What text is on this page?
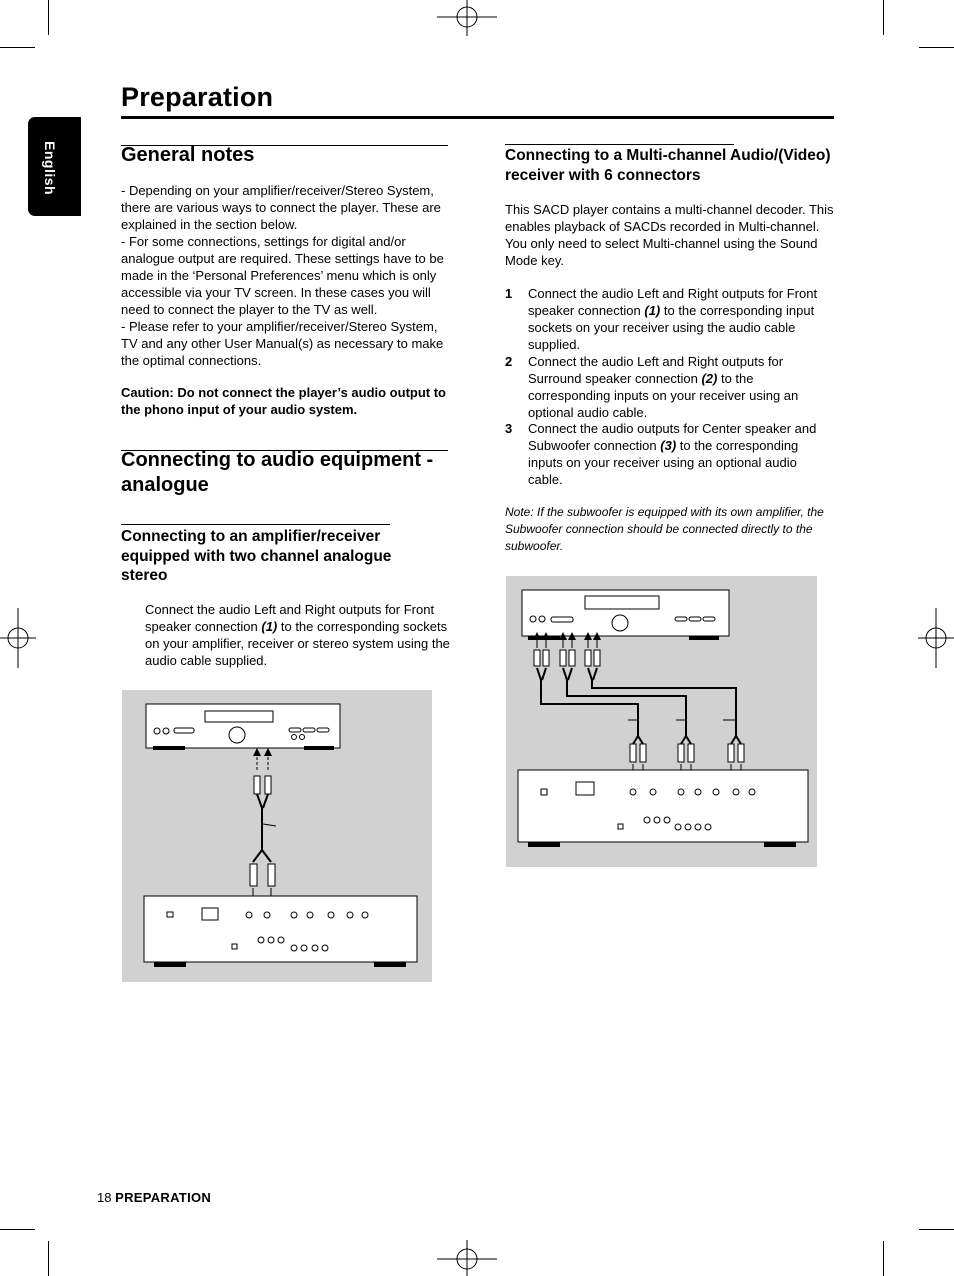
Preparation
English	General notes
- Depending on your amplifier/receiver/Stereo System, there are various ways to connect the player. These are explained in the section below.
- For some connections, settings for digital and/or analogue output are required. These settings have to be made in the ‘Personal Preferences’ menu which is only accessible via your TV screen. In these cases you will need to connect the player to the TV as well.
- Please refer to your amplifier/receiver/Stereo System, TV and any other User Manual(s) as necessary to make the optimal connections.
Caution: Do not connect the player’s audio output to the phono input of your audio system.
Connecting to audio equipment - analogue
Connecting to an amplifier/receiver equipped with two channel analogue stereo
Connect the audio Left and Right outputs for Front speaker connection (1) to the corresponding sockets on your amplifier, receiver or stereo system using the audio cable supplied.
Connecting to a Multi-channel Audio/(Video) receiver with 6 connectors
This SACD player contains a multi-channel decoder. This enables playback of SACDs recorded in Multi-channel. You only need to select Multi-channel using the Sound Mode key.
1 Connect the audio Left and Right outputs for Front speaker connection (1) to the corresponding input sockets on your receiver using the audio cable supplied.
2 Connect the audio Left and Right outputs for Surround speaker connection (2) to the corresponding inputs on your receiver using an optional audio cable.
3 Connect the audio outputs for Center speaker and Subwoofer connection (3) to the corresponding inputs on your receiver using an optional audio cable.
Note: If the subwoofer is equipped with its own amplifier, the Subwoofer connection should be connected directly to the subwoofer.
18 PREPARATION
